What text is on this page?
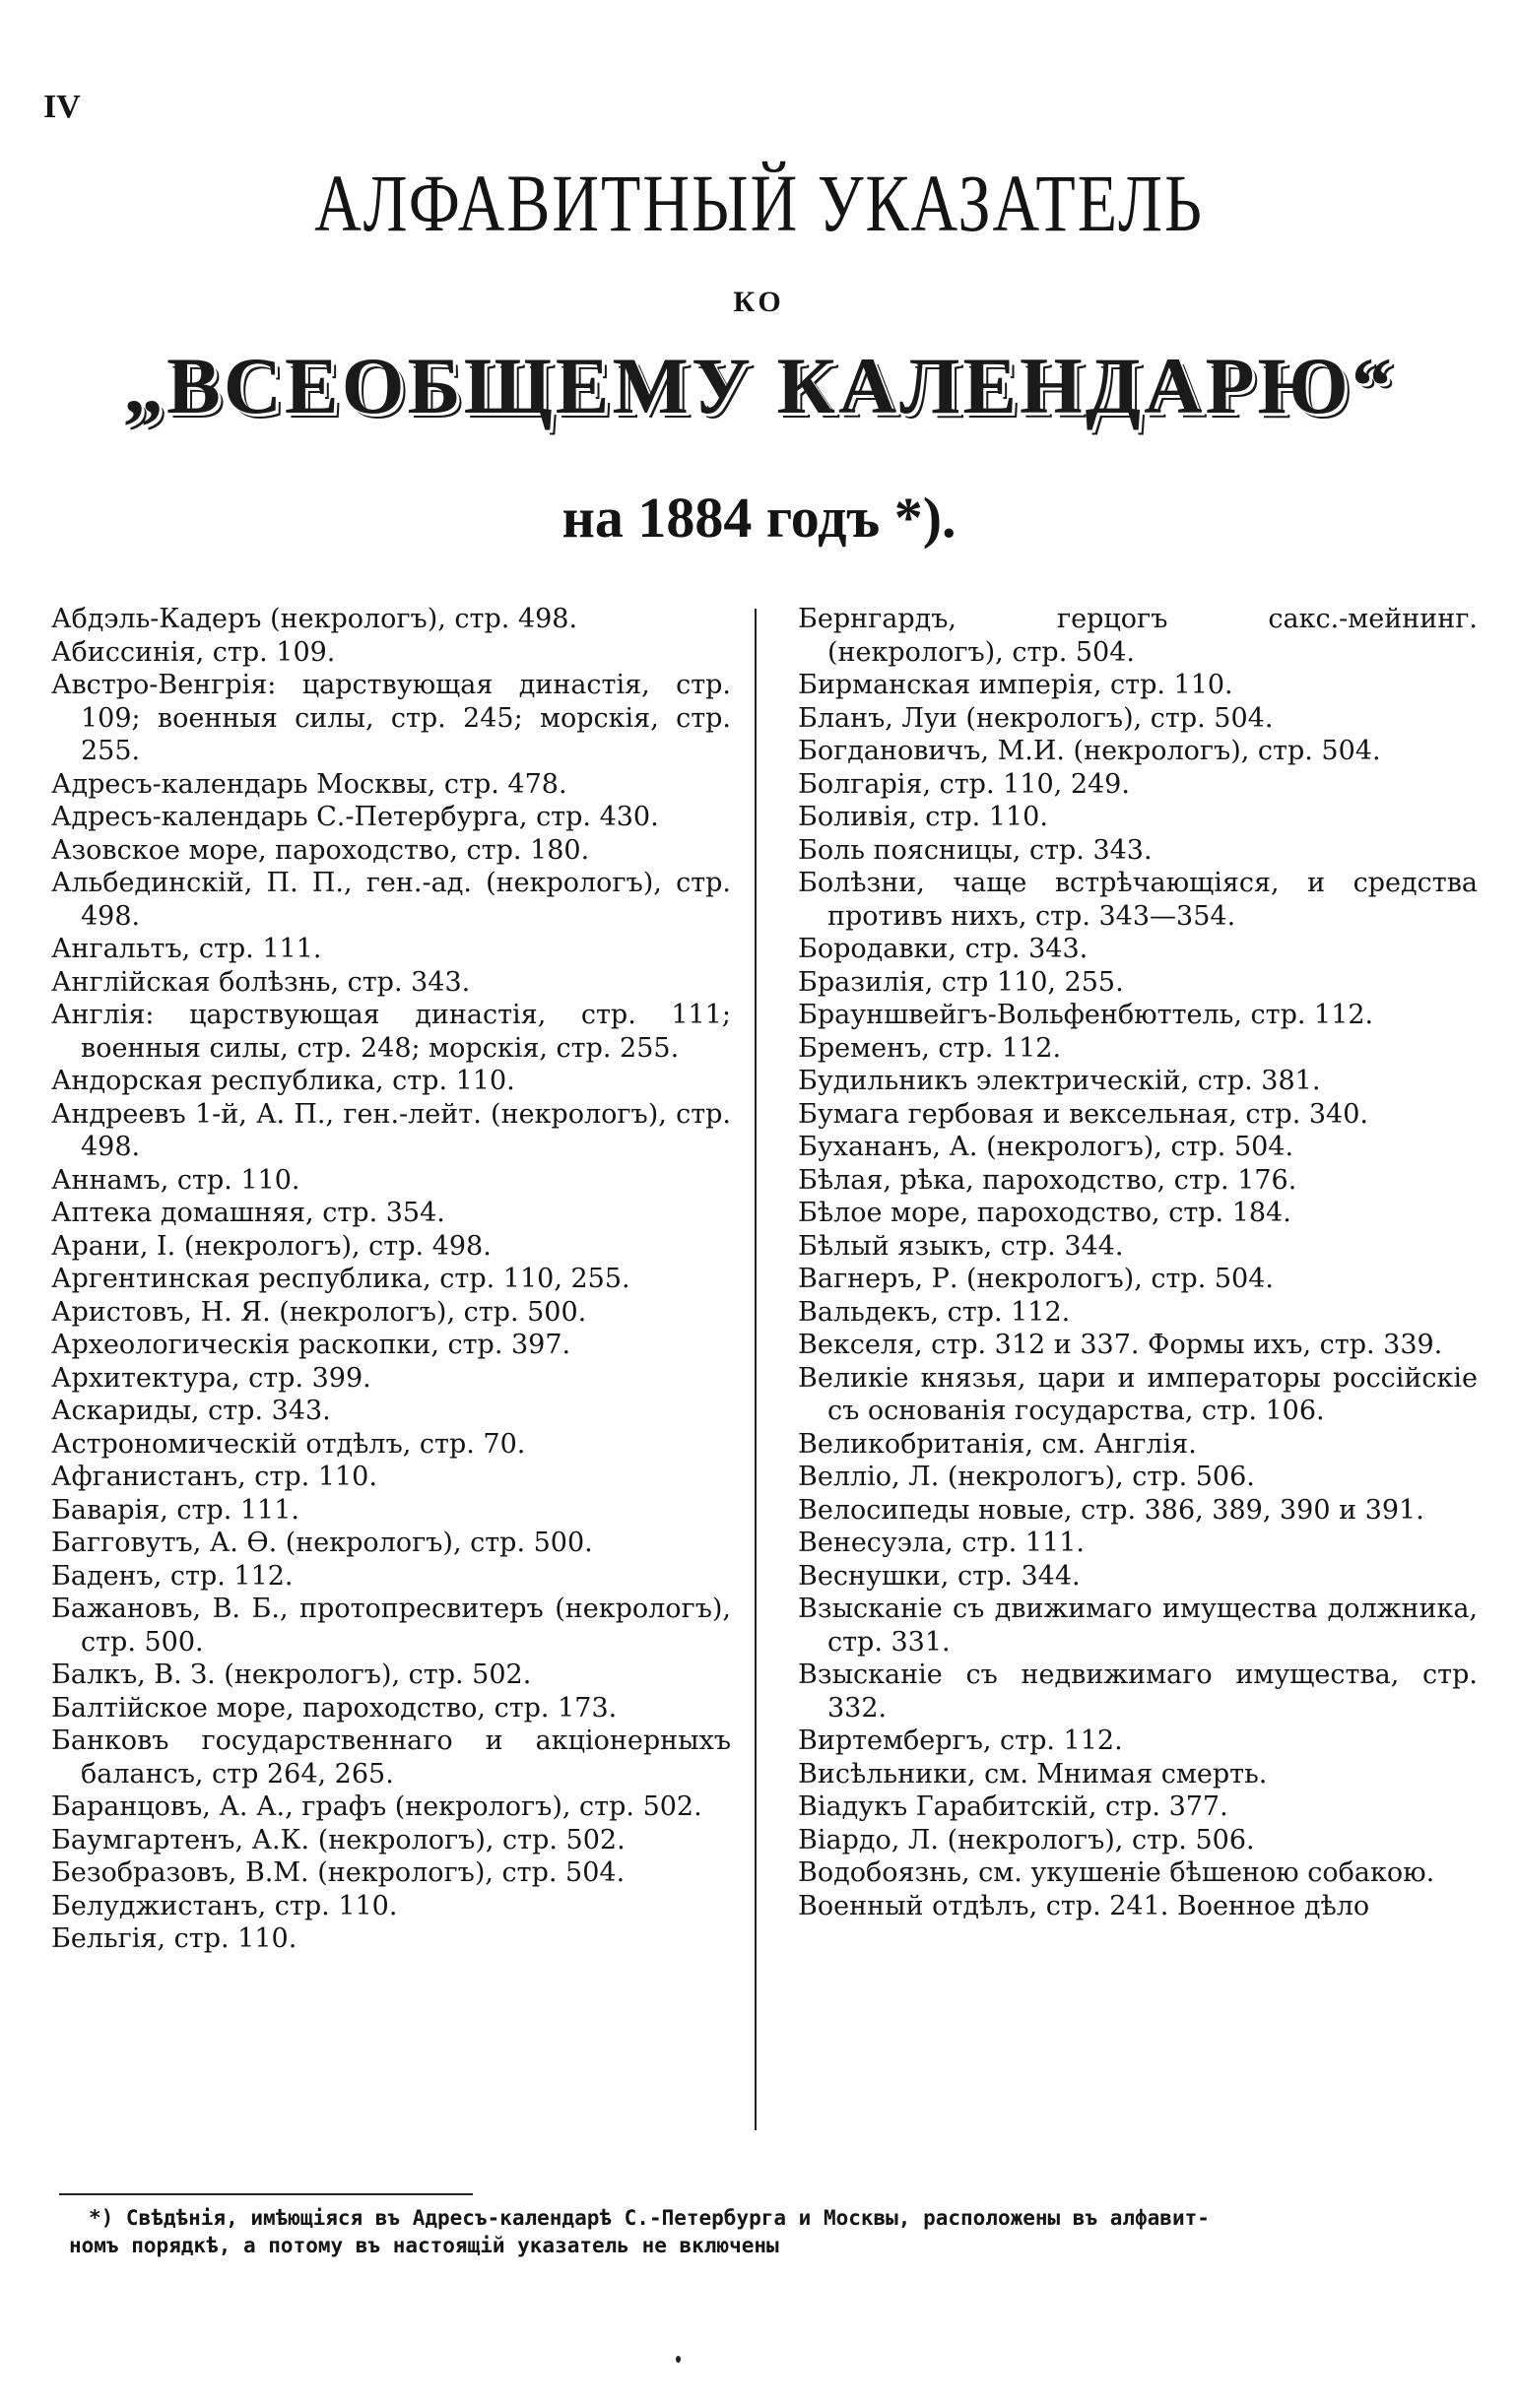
IV
АЛФАВИТНЫЙ УКАЗАТЕЛЬ
КО
„ВСЕОБЩЕМУ КАЛЕНДАРЮ“
на 1884 годъ *).
Абдэль-Кадеръ (некрологъ), стр. 498.
Абиссинія, стр. 109.
Австро-Венгрія: царствующая династія, стр. 109; военныя силы, стр. 245; морскія, стр. 255.
Адресъ-календарь Москвы, стр. 478.
Адресъ-календарь С.-Петербурга, стр. 430.
Азовское море, пароходство, стр. 180.
Альбединскій, П. П., ген.-ад. (некрологъ), стр. 498.
Ангальтъ, стр. 111.
Англійская болѣзнь, стр. 343.
Англія: царствующая династія, стр. 111; военныя силы, стр. 248; морскія, стр. 255.
Андорская республика, стр. 110.
Андреевъ 1-й, А. П., ген.-лейт. (некрологъ), стр. 498.
Аннамъ, стр. 110.
Аптека домашняя, стр. 354.
Арани, I. (некрологъ), стр. 498.
Аргентинская республика, стр. 110, 255.
Аристовъ, Н. Я. (некрологъ), стр. 500.
Археологическія раскопки, стр. 397.
Архитектура, стр. 399.
Аскариды, стр. 343.
Астрономическій отдѣлъ, стр. 70.
Афганистанъ, стр. 110.
Баварія, стр. 111.
Багговутъ, А. Ѳ. (некрологъ), стр. 500.
Баденъ, стр. 112.
Бажановъ, В. Б., протопресвитеръ (некрологъ), стр. 500.
Балкъ, В. З. (некрологъ), стр. 502.
Балтійское море, пароходство, стр. 173.
Банковъ государственнаго и акціонерныхъ балансъ, стр 264, 265.
Баранцовъ, А. А., графъ (некрологъ), стр. 502.
Баумгартенъ, А.К. (некрологъ), стр. 502.
Безобразовъ, В.М. (некрологъ), стр. 504.
Белуджистанъ, стр. 110.
Бельгія, стр. 110.
Бернгардъ, герцогъ сакс.-мейнинг. (некрологъ), стр. 504.
Бирманская имперія, стр. 110.
Бланъ, Луи (некрологъ), стр. 504.
Богдановичъ, М.И. (некрологъ), стр. 504.
Болгарія, стр. 110, 249.
Боливія, стр. 110.
Боль поясницы, стр. 343.
Болѣзни, чаще встрѣчающіяся, и средства противъ нихъ, стр. 343—354.
Бородавки, стр. 343.
Бразилія, стр 110, 255.
Брауншвейгъ-Вольфенбюттель, стр. 112.
Бременъ, стр. 112.
Будильникъ электрическій, стр. 381.
Бумага гербовая и вексельная, стр. 340.
Бухананъ, А. (некрологъ), стр. 504.
Бѣлая, рѣка, пароходство, стр. 176.
Бѣлое море, пароходство, стр. 184.
Бѣлый языкъ, стр. 344.
Вагнеръ, Р. (некрологъ), стр. 504.
Вальдекъ, стр. 112.
Векселя, стр. 312 и 337. Формы ихъ, стр. 339.
Великіе князья, цари и императоры россійскіе съ основанія государства, стр. 106.
Великобританія, см. Англія.
Велліо, Л. (некрологъ), стр. 506.
Велосипеды новые, стр. 386, 389, 390 и 391.
Венесуэла, стр. 111.
Веснушки, стр. 344.
Взысканіе съ движимаго имущества должника, стр. 331.
Взысканіе съ недвижимаго имущества, стр. 332.
Виртембергъ, стр. 112.
Висѣльники, см. Мнимая смерть.
Віадукъ Гарабитскій, стр. 377.
Віардо, Л. (некрологъ), стр. 506.
Водобоязнь, см. укушеніе бѣшеною собакою.
Военный отдѣлъ, стр. 241. Военное дѣло
*) Свѣдѣнія, имѣющіяся въ Адресъ-календарѣ С.-Петербурга и Москвы, расположены въ алфавит-
номъ порядкѣ, а потому въ настоящій указатель не включены
